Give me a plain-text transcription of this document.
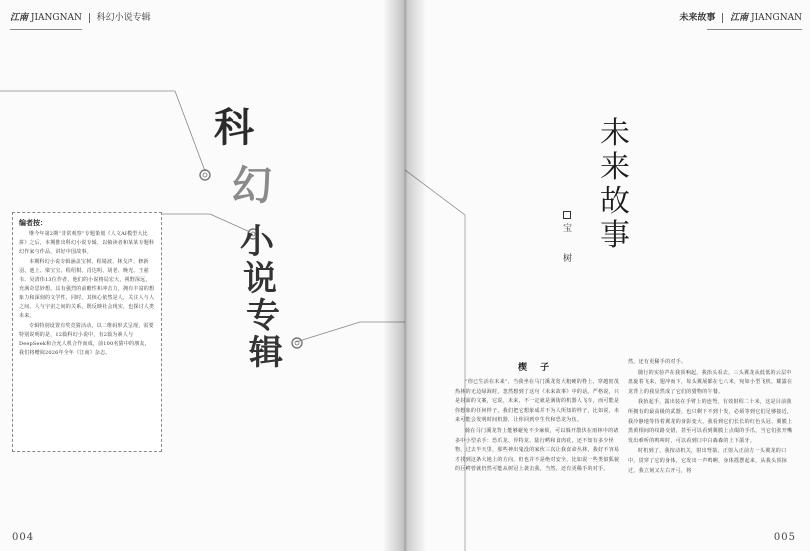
江南 JIANGNAN 科幻小说专辑
科
幻
小
说
专
辑
编者按：

继今年第2期“非常观察”专题策划《人文AI模型大比拼》之后，本期推出科幻小说专辑，以飨读者和某某专题科幻作家与作品，讲好中国故事。

本期科幻小说专辑涵盖宝树、程婧波、林戈声、修新羽、池上、梁宝宝、程绍棋、肖达明、胡老、晚光、王慈韦、吴清伟13位作者，他们的小说格局宏大，视野深远，充满奇思妙想，具有强烈的前瞻性和冲击力，拥有丰富的想象力和深刻的文学性，同时，其核心依然是人，关注人与人之间、人与宇宙之间的关系，既反映社会现实，也探讨人类未来。

专辑特别设置有奖竞猜活动，以二维码形式呈现，需要特别说明的是，12篇科幻小说中，有2篇为素人与DeepSeek和合允人机合作而成，前100名猜中的朋友，我们将赠阅2026年全年《江南》杂志。

004
未来故事 江南 JIANGNAN
005
未
来
故
事
宝
树
楔 子

“你已生活在未来”，当我坐在马门溪龙宽大粗硬的脊上，穿越密茂热林的无边绿海时，忽然想到了这句《未来故事》中的话。严格说，只是封面的文案，它说，未来，不一定就是满街的机器人飞车，而可能是你想象的任何样子，我们把它想象成并不为人所知的样子，比如说，未来可能会发明时间机器，让你回到中生代和恐龙为伍。

骑在马门溪龙背上能够避免不少麻烦，可以躲开散伏在雨林中的诸多中小型杀手：恐爪龙、异特龙、陆行鳄和食肉花，还不知有多少怪物，过去半天里，那些神出鬼没的家伙三次让我食命丛林，我好不容易才找到这条大地上的方向，但也并不是绝对安全，比如说一些类似狐貌的巨鳄曾就仍然可能从树冠上袭击我，当然，还有更稀手的对手。

然，还有更稀手的对手。

随行的实验声在我顶响起，我抬头看去，三头翼龙从低低的云层中盘旋着飞来，翅冲而下，每头翼展都在七八米，宛如小型飞机，耀露在龙背上的我显然成了它们的猎物的午餐。

我抬起手，露出装在手臂上的连弩，有效射程二十米，这是目前我所拥有的最高级的武器，也只剩下不到十发，必须等到它们足够接近，我冷静地等待着翼龙的身影变大，我看到它们长长的红色头冠、翼膜上黑黄相间的纹路交错，甚至可以看到翼膜上点缀的手爪，当它们张开嘴发出难听的鸣叫时，可以看到口中白森森的上下颌牙。

时机到了，我按动机关，射出弩箭，正射入正前方一头翼龙的口中，贯穿了它的身体，它发出一声鸣啊，身体摇摆起来，从我头顶掠过，我立刻又左右开弓，将
